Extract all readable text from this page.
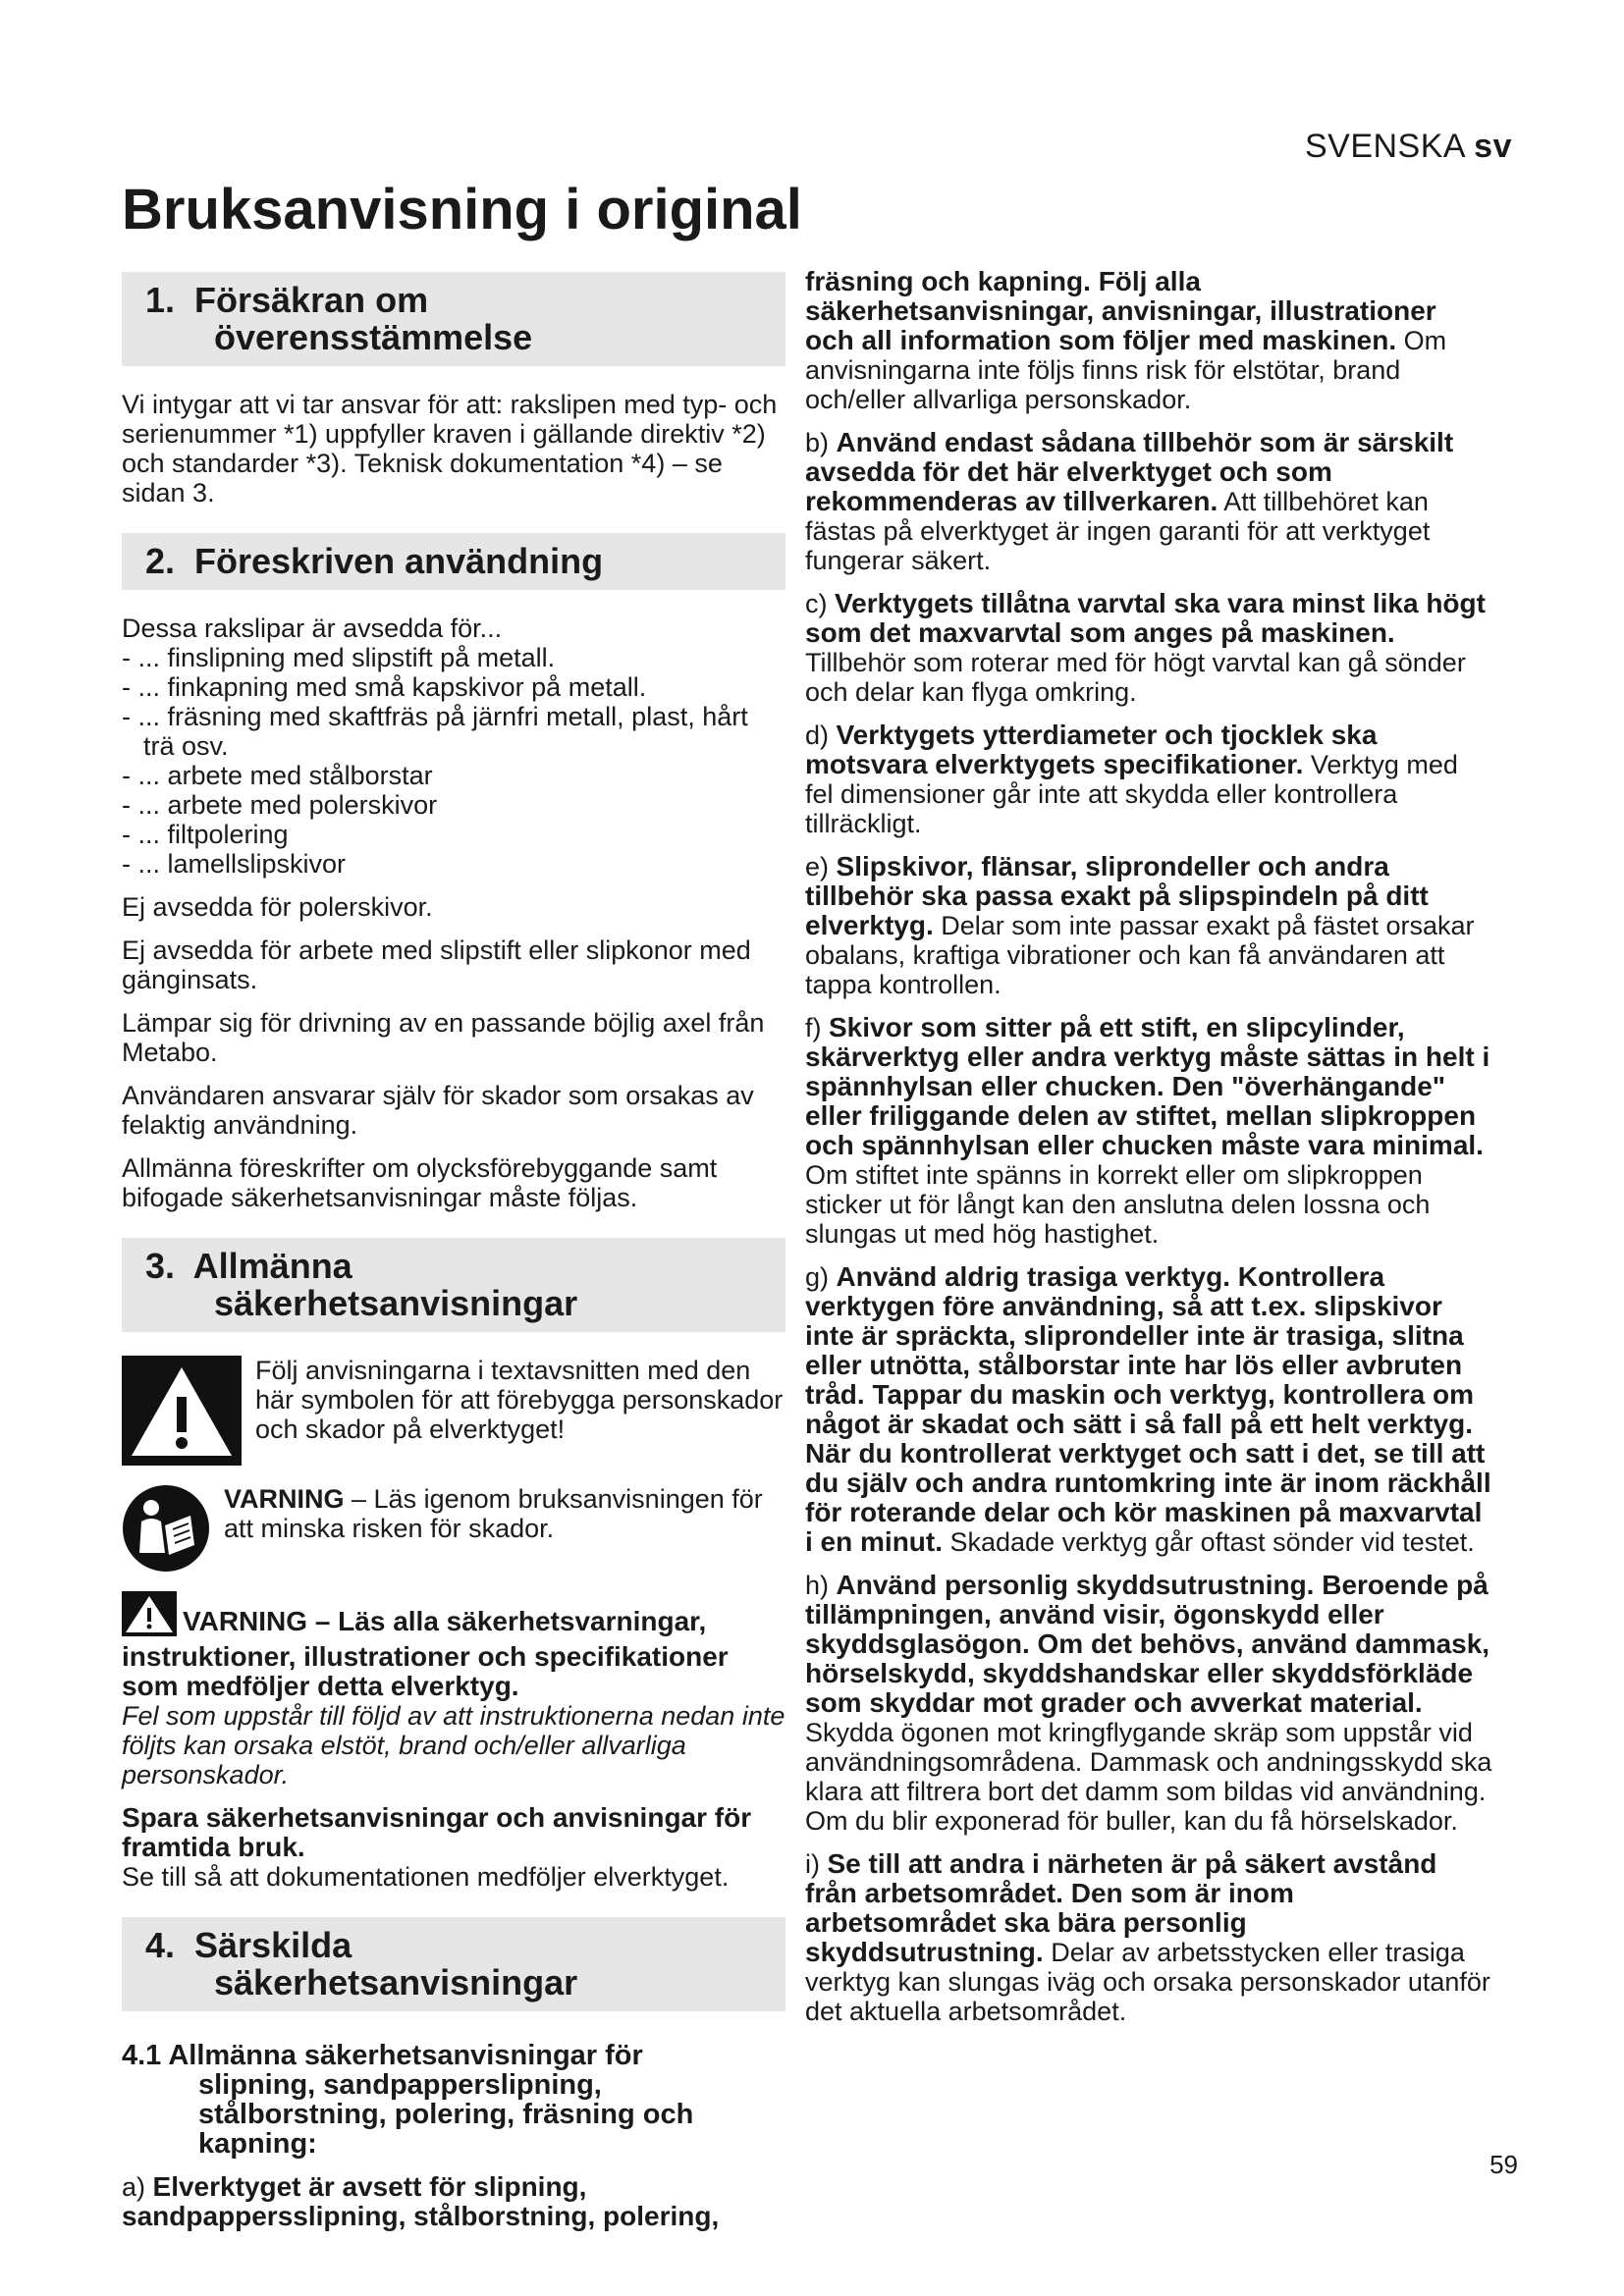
SVENSKA sv
Bruksanvisning i original
1. Försäkran om
överensstämmelse

Vi intygar att vi tar ansvar för att: rakslipen med typ- och serienummer *1) uppfyller kraven i gällande direktiv *2) och standarder *3). Teknisk dokumentation *4) – se sidan 3.

2. Föreskriven användning

Dessa rakslipar är avsedda för...

- ... finslipning med slipstift på metall.
- ... finkapning med små kapskivor på metall.
- ... fräsning med skaftfräs på järnfri metall, plast, hårt trä osv.
- ... arbete med stålborstar
- ... arbete med polerskivor
- ... filtpolering
- ... lamellslipskivor

Ej avsedda för polerskivor.

Ej avsedda för arbete med slipstift eller slipkonor med gänginsats.

Lämpar sig för drivning av en passande böjlig axel från Metabo.

Användaren ansvarar själv för skador som orsakas av felaktig användning.

Allmänna föreskrifter om olycksförebyggande samt bifogade säkerhetsanvisningar måste följas.

3. Allmänna
säkerhetsanvisningar
Följ anvisningarna i textavsnitten med den här symbolen för att förebygga personskador och skador på elverktyget!
VARNING – Läs igenom bruksanvisningen för att minska risken för skador.

VARNING – Läs alla säkerhetsvarningar, instruktioner, illustrationer och specifikationer som medföljer detta elverktyg.

Fel som uppstår till följd av att instruktionerna nedan inte följts kan orsaka elstöt, brand och/eller allvarliga personskador.

Spara säkerhetsanvisningar och anvisningar för framtida bruk.
Se till så att dokumentationen medföljer elverktyget.

4. Särskilda
säkerhetsanvisningar
4.1 Allmänna säkerhetsanvisningar för
slipning, sandpapperslipning, stålborstning, polering, fräsning och kapning:

a) Elverktyget är avsett för slipning, sandpappersslipning, stålborstning, polering,

fräsning och kapning. Följ alla säkerhetsanvisningar, anvisningar, illustrationer och all information som följer med maskinen. Om anvisningarna inte följs finns risk för elstötar, brand och/eller allvarliga personskador.

b) Använd endast sådana tillbehör som är särskilt avsedda för det här elverktyget och som rekommenderas av tillverkaren. Att tillbehöret kan fästas på elverktyget är ingen garanti för att verktyget fungerar säkert.

c) Verktygets tillåtna varvtal ska vara minst lika högt som det maxvarvtal som anges på maskinen. Tillbehör som roterar med för högt varvtal kan gå sönder och delar kan flyga omkring.

d) Verktygets ytterdiameter och tjocklek ska motsvara elverktygets specifikationer. Verktyg med fel dimensioner går inte att skydda eller kontrollera tillräckligt.

e) Slipskivor, flänsar, sliprondeller och andra tillbehör ska passa exakt på slipspindeln på ditt elverktyg. Delar som inte passar exakt på fästet orsakar obalans, kraftiga vibrationer och kan få användaren att tappa kontrollen.

f) Skivor som sitter på ett stift, en slipcylinder, skärverktyg eller andra verktyg måste sättas in helt i spännhylsan eller chucken. Den "överhängande" eller friliggande delen av stiftet, mellan slipkroppen och spännhylsan eller chucken måste vara minimal. Om stiftet inte spänns in korrekt eller om slipkroppen sticker ut för långt kan den anslutna delen lossna och slungas ut med hög hastighet.

g) Använd aldrig trasiga verktyg. Kontrollera verktygen före användning, så att t.ex. slipskivor inte är spräckta, sliprondeller inte är trasiga, slitna eller utnötta, stålborstar inte har lös eller avbruten tråd. Tappar du maskin och verktyg, kontrollera om något är skadat och sätt i så fall på ett helt verktyg. När du kontrollerat verktyget och satt i det, se till att du själv och andra runtomkring inte är inom räckhåll för roterande delar och kör maskinen på maxvarvtal i en minut. Skadade verktyg går oftast sönder vid testet.

h) Använd personlig skyddsutrustning. Beroende på tillämpningen, använd visir, ögonskydd eller skyddsglasögon. Om det behövs, använd dammask, hörselskydd, skyddshandskar eller skyddsförkläde som skyddar mot grader och avverkat material. Skydda ögonen mot kringflygande skräp som uppstår vid användningsområdena. Dammask och andningsskydd ska klara att filtrera bort det damm som bildas vid användning. Om du blir exponerad för buller, kan du få hörselskador.

i) Se till att andra i närheten är på säkert avstånd från arbetsområdet. Den som är inom arbetsområdet ska bära personlig skyddsutrustning. Delar av arbetsstycken eller trasiga verktyg kan slungas iväg och orsaka personskador utanför det aktuella arbetsområdet.

59
